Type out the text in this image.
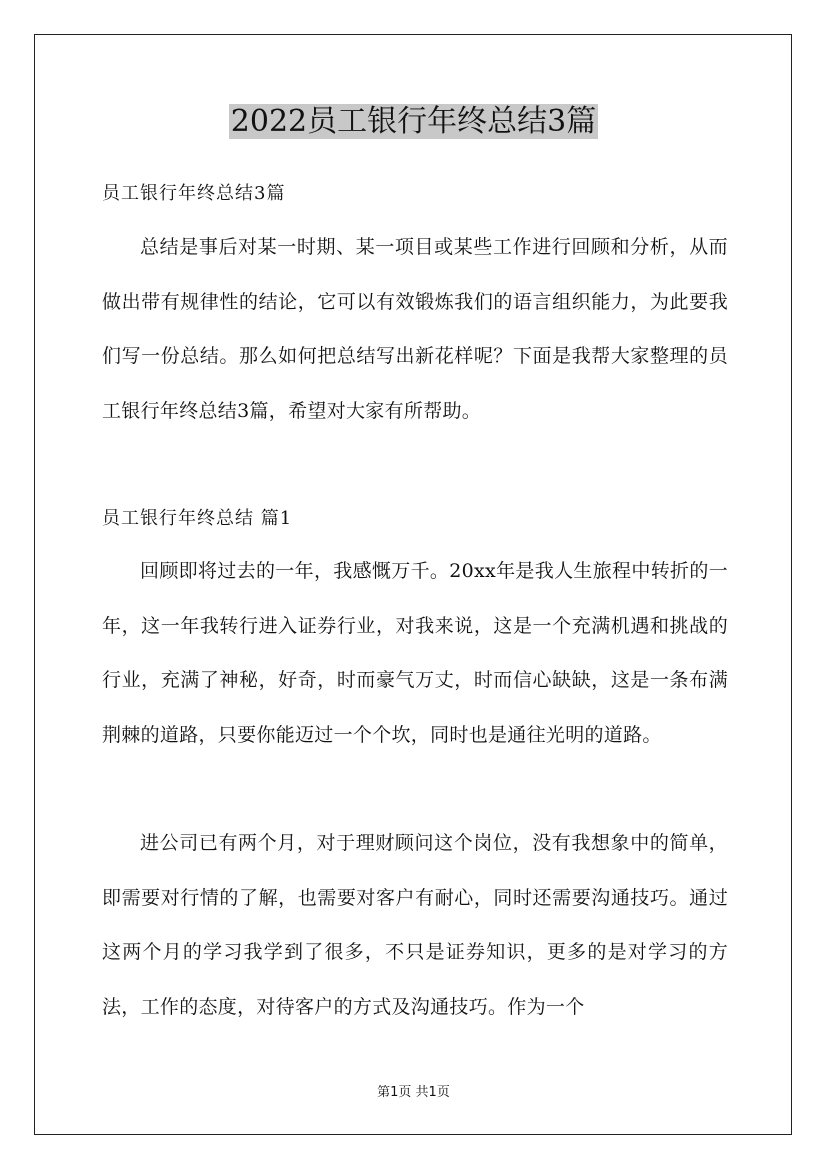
2022员工银行年终总结3篇
员工银行年终总结3篇
总结是事后对某一时期、某一项目或某些工作进行回顾和分析，从而做出带有规律性的结论，它可以有效锻炼我们的语言组织能力，为此要我们写一份总结。那么如何把总结写出新花样呢？下面是我帮大家整理的员工银行年终总结3篇，希望对大家有所帮助。
员工银行年终总结 篇1
回顾即将过去的一年，我感慨万千。20xx年是我人生旅程中转折的一年，这一年我转行进入证券行业，对我来说，这是一个充满机遇和挑战的行业，充满了神秘，好奇，时而豪气万丈，时而信心缺缺，这是一条布满荆棘的道路，只要你能迈过一个个坎，同时也是通往光明的道路。
进公司已有两个月，对于理财顾问这个岗位，没有我想象中的简单，即需要对行情的了解，也需要对客户有耐心，同时还需要沟通技巧。通过这两个月的学习我学到了很多，不只是证券知识，更多的是对学习的方法，工作的态度，对待客户的方式及沟通技巧。作为一个
第1页 共1页
